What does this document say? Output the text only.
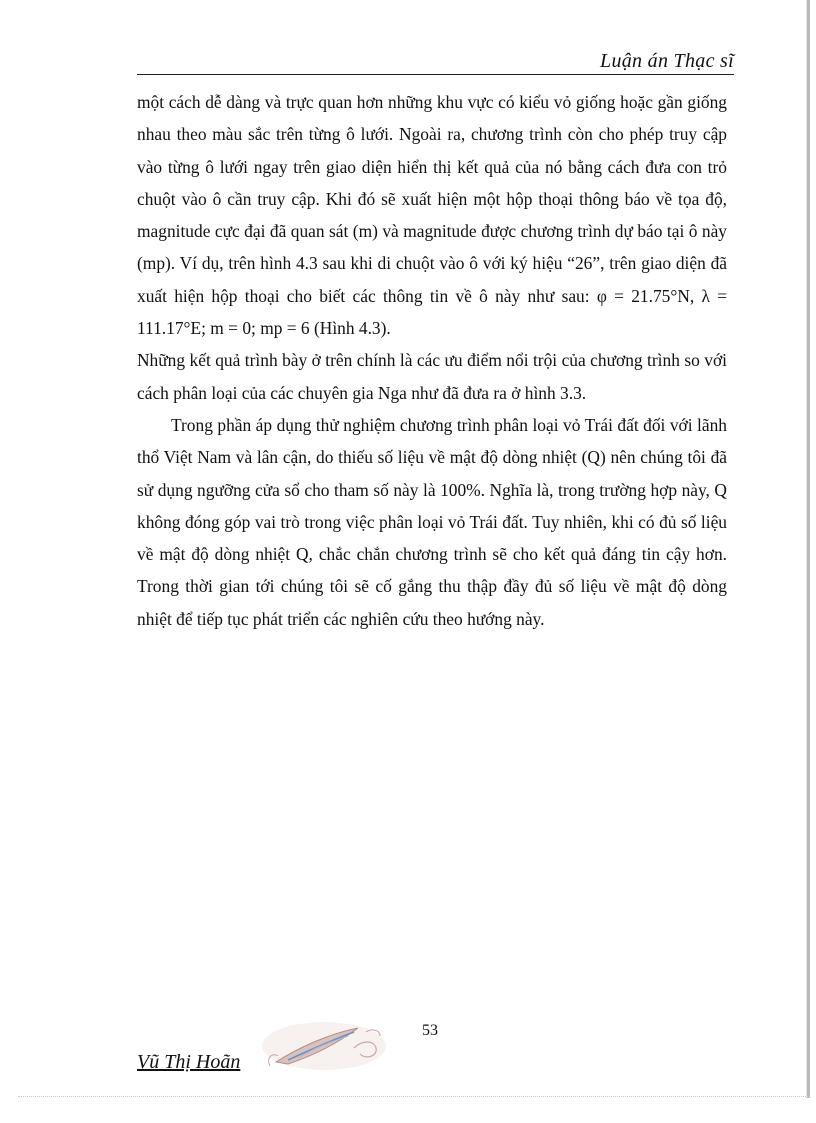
Luận án Thạc sĩ

một cách dễ dàng và trực quan hơn những khu vực có kiểu vỏ giống hoặc gần giống nhau theo màu sắc trên từng ô lưới. Ngoài ra, chương trình còn cho phép truy cập vào từng ô lưới ngay trên giao diện hiển thị kết quả của nó bằng cách đưa con trỏ chuột vào ô cần truy cập. Khi đó sẽ xuất hiện một hộp thoại thông báo về tọa độ, magnitude cực đại đã quan sát (m) và magnitude được chương trình dự báo tại ô này (mp). Ví dụ, trên hình 4.3 sau khi di chuột vào ô với ký hiệu “26”, trên giao diện đã xuất hiện hộp thoại cho biết các thông tin về ô này như sau: φ = 21.75°N, λ = 111.17°E; m = 0; mp = 6 (Hình 4.3).

Những kết quả trình bày ở trên chính là các ưu điểm nổi trội của chương trình so với cách phân loại của các chuyên gia Nga như đã đưa ra ở hình 3.3.

Trong phần áp dụng thử nghiệm chương trình phân loại vỏ Trái đất đối với lãnh thổ Việt Nam và lân cận, do thiếu số liệu về mật độ dòng nhiệt (Q) nên chúng tôi đã sử dụng ngưỡng cửa sổ cho tham số này là 100%. Nghĩa là, trong trường hợp này, Q không đóng góp vai trò trong việc phân loại vỏ Trái đất. Tuy nhiên, khi có đủ số liệu về mật độ dòng nhiệt Q, chắc chắn chương trình sẽ cho kết quả đáng tin cậy hơn. Trong thời gian tới chúng tôi sẽ cố gắng thu thập đầy đủ số liệu về mật độ dòng nhiệt để tiếp tục phát triển các nghiên cứu theo hướng này.

53
Vũ Thị Hoãn
